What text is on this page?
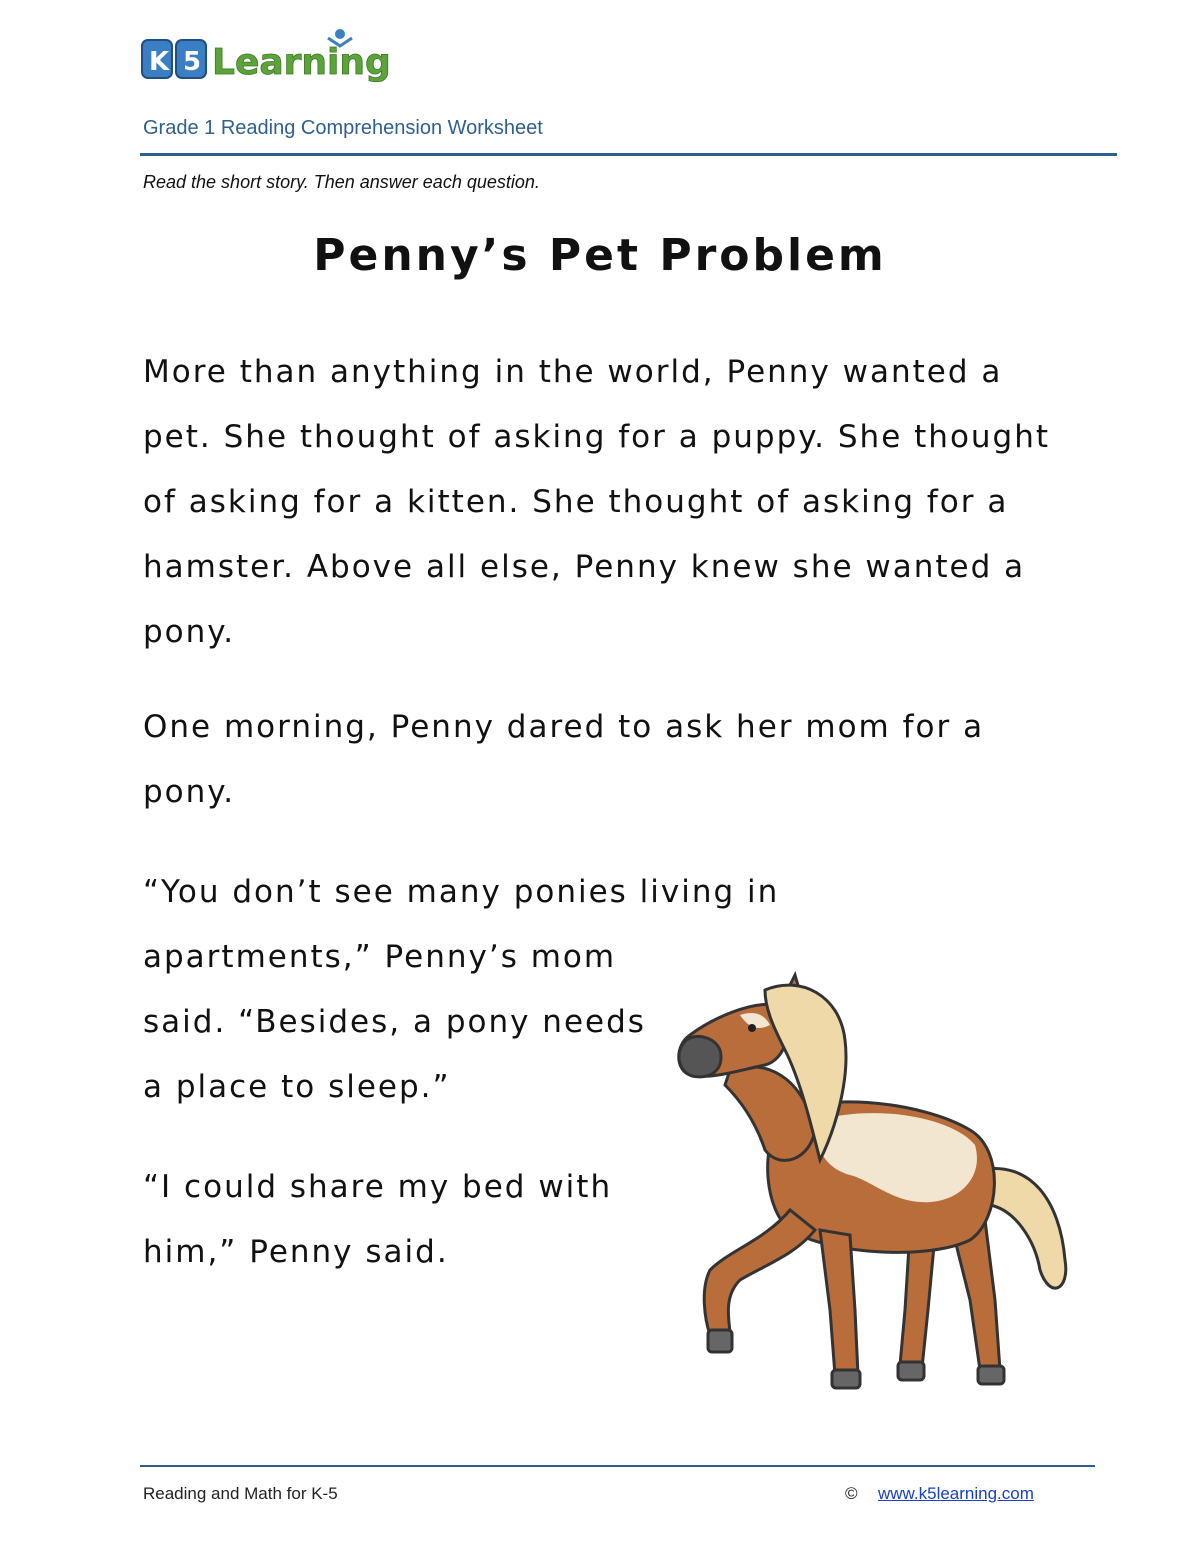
K 5 Learning
Grade 1 Reading Comprehension Worksheet
Read the short story. Then answer each question.
Penny’s Pet Problem

More than anything in the world, Penny wanted a pet. She thought of asking for a puppy. She thought of asking for a kitten. She thought of asking for a hamster. Above all else, Penny knew she wanted a pony.

One morning, Penny dared to ask her mom for a pony.

“You don’t see many ponies living in
apartments,” Penny’s mom said. “Besides, a pony needs a place to sleep.”

“I could share my bed with him,” Penny said.

Reading and Math for K-5	© www.k5learning.com
